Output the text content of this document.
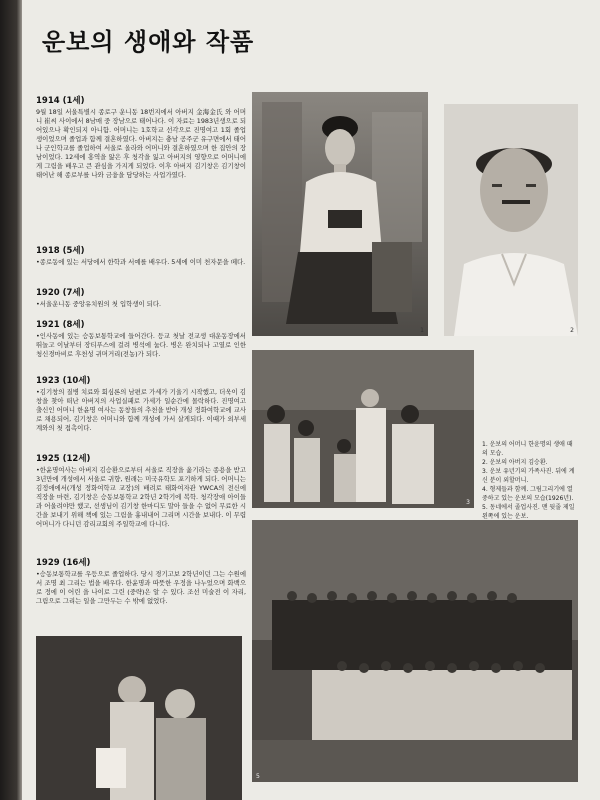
운보의 생애와 작품
1914 (1세)
9월 18일 서울특별시 종로구 운니동 18번지에서 아버지 金海金氏 와 어머니 崔씨 사이에서 8남매 중 장남으로 태어나다. 이 자료는 1983년생으로 되어있으나 확인되지 아니함. 어머니는 1호학교 선각으로 진명여고 1회 졸업생이었으며 졸업과 함께 결혼하였다. 아버지는 충남 공주군 유구면에서 태어나 군인학교를 졸업하여 서울로 올라와 어머니와 결혼하였으며 한 집안의 장남이었다. 12세에 홍역을 앓은 후 청각을 잃고 아버지의 영향으로 어머니에게 그림을 배우고 큰 관심을 가지게 되었다. 이후 아버지 김기창은 김기창이 태어난 해 종로부를 나와 금융을 담당하는 사업가였다.
1918 (5세)
•종로동에 있는 서당에서 한학과 서예를 배우다. 5세에 이미 천자문을 떼다.
1920 (7세)
•서울운니동 중앙유치원의 첫 입학생이 되다.
1921 (8세)
•인사동에 있는 승동보통학교에 들어간다. 등교 첫날 전교생 대운동장에서 뛰놀고 이날부터 장티푸스에 걸려 병석에 눕다. 병은 완치되나 고열로 인한 청신경마비로 후천성 귀머거리(전농)가 되다.
1923 (10세)
•김기창의 질병 치료와 회심론의 남편로 가세가 기울기 시작했고, 더욱이 김창을 찾아 떠난 아버지의 사업실패로 가세가 일순간에 몰락하다. 진명여고 출신인 어머니 한윤명 여사는 동창들의 추천을 받아 개성 정화여학교에 교사로 채용되어, 김기창은 어머니와 함께 개성에 가서 살게되다. 이때가 외부세계와의 첫 접촉이다.
1925 (12세)
•한윤명여사는 아버지 김승환으로부터 서울로 직장을 옮기라는 종용을 받고 3년만에 개성에서 서울로 귀향, 원래는 미국유학도 포기하게 되다. 어머니는 김정애에서(개성 정화여학교 교장)의 배려로 태화여자관 YWCA의 전신에 직장을 마련, 김기창은 승동보통학교 2학년 2학기에 복학. 청각장애 아이들과 어울려야만 했고, 선생님이 김기창 한마디도 말아 들을 수 없어 무료한 시간을 보내기 위해 책에 있는 그림을 흉내내어 그리며 시간을 보내다. 이 무렵 어머니가 다니던 감리교회의 주일학교에 다니다.
1929 (16세)
•승동보통학교를 우등으로 졸업하다. 당시 경기고보 2학년이던 그는 수원에서 조명 최 그리는 법을 배우다. 한윤명과 따뜻한 우정을 나누었으며 화백으로 정에 이 어린 을 나이로 그린 (중략)은 알 수 있다. 조선 미술전 이 자리, 그림으로 그리는 일을 그만두는 수 밖에 없었다.
1	2
3
1. 운보의 어머니 한윤명의 생애 때의 모습.
2. 운보의 아버지 김승환.
3. 운보 유년기의 가족사진. 뒤에 계신 분이 외할머니.
4. 형제들과 함께. 그림그리기에 열중하고 있는 운보의 모습(1926년).
5. 동네에서 졸업사진. 맨 뒷줄 제일 왼쪽에 있는 운보.
5
